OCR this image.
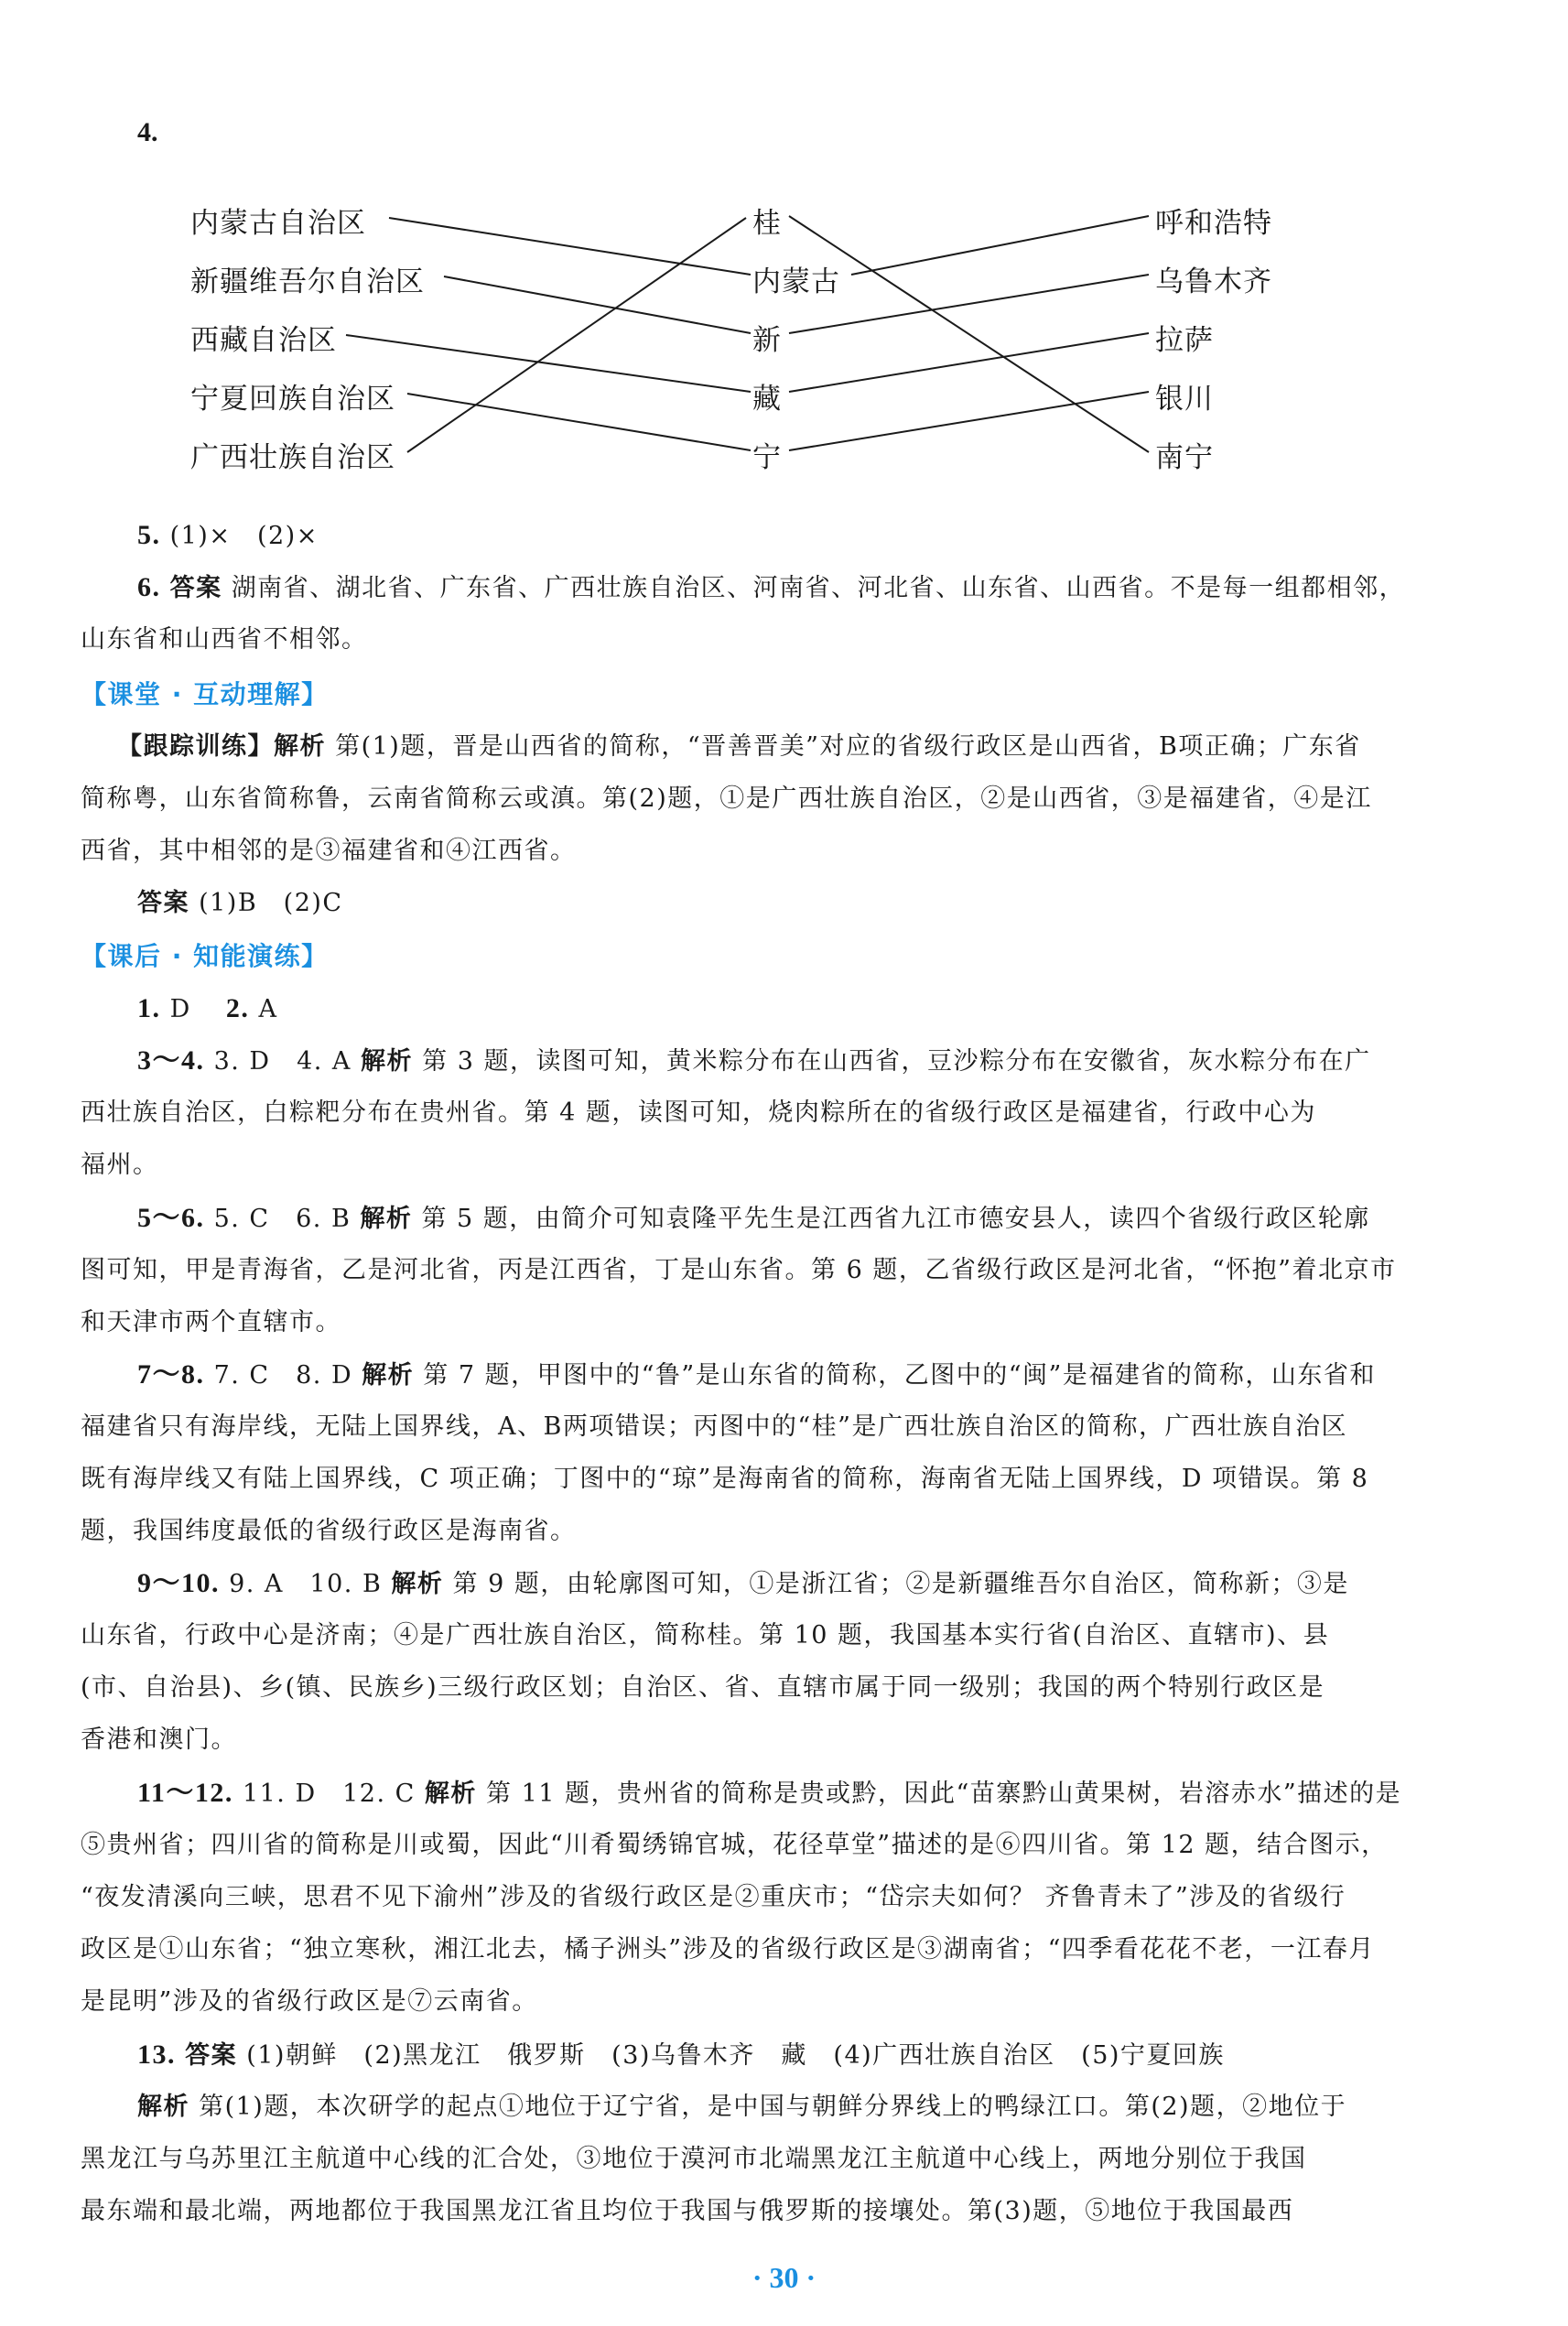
4.
内蒙古自治区
新疆维吾尔自治区
西藏自治区
宁夏回族自治区
广西壮族自治区
桂
内蒙古
新
藏
宁
呼和浩特
乌鲁木齐
拉萨
银川
南宁
5. (1)×　(2)×
6. 答案 湖南省、湖北省、广东省、广西壮族自治区、河南省、河北省、山东省、山西省。不是每一组都相邻，
山东省和山西省不相邻。
【课堂 · 互动理解】
【跟踪训练】解析 第(1)题，晋是山西省的简称，“晋善晋美”对应的省级行政区是山西省，B项正确；广东省
简称粤，山东省简称鲁，云南省简称云或滇。第(2)题，①是广西壮族自治区，②是山西省，③是福建省，④是江
西省，其中相邻的是③福建省和④江西省。
答案 (1)B　(2)C
【课后 · 知能演练】
1. D 2. A
3～4. 3. D　4. A 解析 第 3 题，读图可知，黄米粽分布在山西省，豆沙粽分布在安徽省，灰水粽分布在广
西壮族自治区，白粽粑分布在贵州省。第 4 题，读图可知，烧肉粽所在的省级行政区是福建省，行政中心为
福州。
5～6. 5. C　6. B 解析 第 5 题，由简介可知袁隆平先生是江西省九江市德安县人，读四个省级行政区轮廓
图可知，甲是青海省，乙是河北省，丙是江西省，丁是山东省。第 6 题，乙省级行政区是河北省，“怀抱”着北京市
和天津市两个直辖市。
7～8. 7. C　8. D 解析 第 7 题，甲图中的“鲁”是山东省的简称，乙图中的“闽”是福建省的简称，山东省和
福建省只有海岸线，无陆上国界线，A、B两项错误；丙图中的“桂”是广西壮族自治区的简称，广西壮族自治区
既有海岸线又有陆上国界线，C 项正确；丁图中的“琼”是海南省的简称，海南省无陆上国界线，D 项错误。第 8
题，我国纬度最低的省级行政区是海南省。
9～10. 9. A　10. B 解析 第 9 题，由轮廓图可知，①是浙江省；②是新疆维吾尔自治区，简称新；③是
山东省，行政中心是济南；④是广西壮族自治区，简称桂。第 10 题，我国基本实行省(自治区、直辖市)、县
(市、自治县)、乡(镇、民族乡)三级行政区划；自治区、省、直辖市属于同一级别；我国的两个特别行政区是
香港和澳门。
11～12. 11. D　12. C 解析 第 11 题，贵州省的简称是贵或黔，因此“苗寨黔山黄果树，岩溶赤水”描述的是
⑤贵州省；四川省的简称是川或蜀，因此“川肴蜀绣锦官城，花径草堂”描述的是⑥四川省。第 12 题，结合图示，
“夜发清溪向三峡，思君不见下渝州”涉及的省级行政区是②重庆市；“岱宗夫如何？ 齐鲁青未了”涉及的省级行
政区是①山东省；“独立寒秋，湘江北去，橘子洲头”涉及的省级行政区是③湖南省；“四季看花花不老，一江春月
是昆明”涉及的省级行政区是⑦云南省。
13. 答案 (1)朝鲜　(2)黑龙江　俄罗斯　(3)乌鲁木齐　藏　(4)广西壮族自治区　(5)宁夏回族
解析 第(1)题，本次研学的起点①地位于辽宁省，是中国与朝鲜分界线上的鸭绿江口。第(2)题，②地位于
黑龙江与乌苏里江主航道中心线的汇合处，③地位于漠河市北端黑龙江主航道中心线上，两地分别位于我国
最东端和最北端，两地都位于我国黑龙江省且均位于我国与俄罗斯的接壤处。第(3)题，⑤地位于我国最西
· 30 ·
